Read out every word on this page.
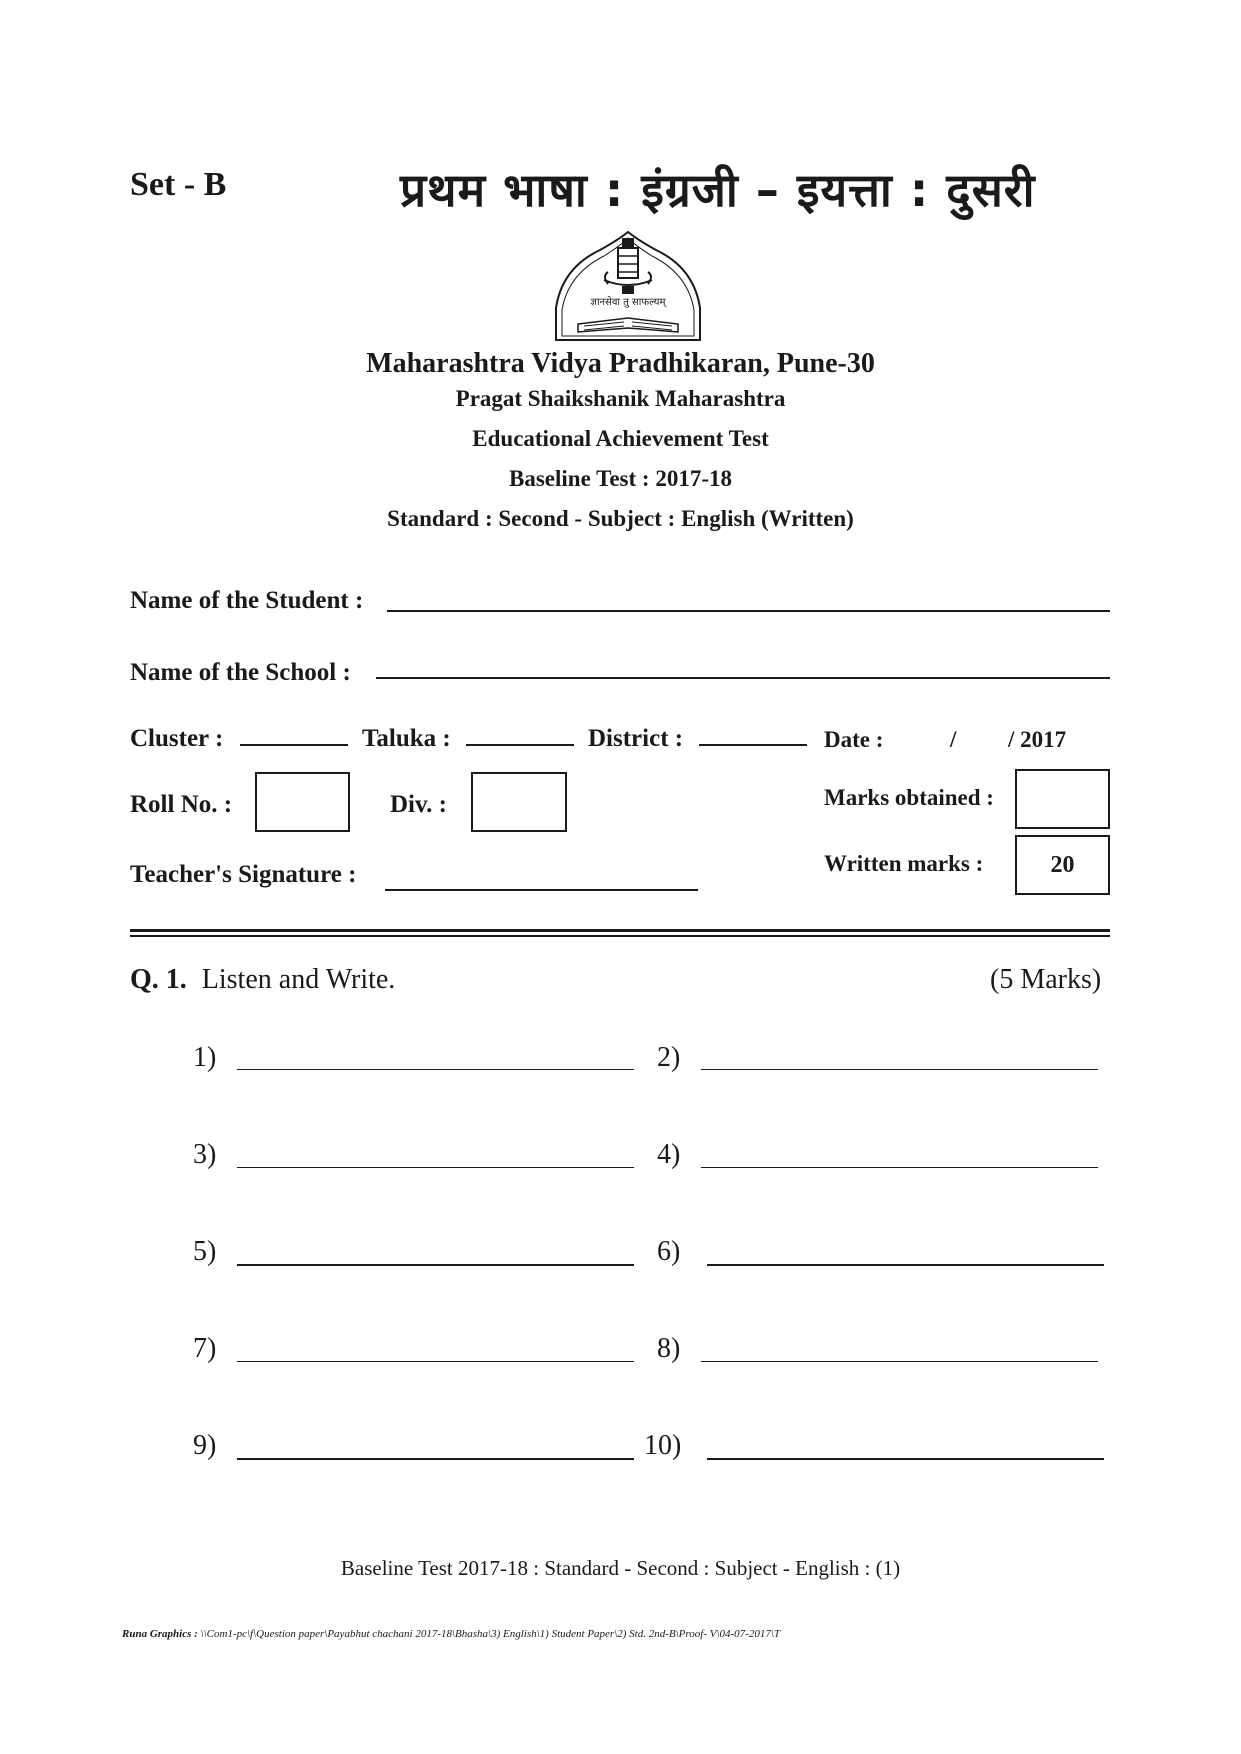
Set - B	प्रथम भाषा : इंग्रजी – इयत्ता : दुसरी
ज्ञानसेवा तु साफल्यम्
Maharashtra Vidya Pradhikaran, Pune-30
Pragat Shaikshanik Maharashtra
Educational Achievement Test
Baseline Test : 2017-18
Standard : Second - Subject : English (Written)
Name of the Student :
Name of the School :
Cluster :	Taluka :	District :	Date :	/ / 2017
Roll No. :	Div. :	Marks obtained :
Teacher's Signature :	Written marks :	20
Q. 1. Listen and Write.	(5 Marks)
1)	2)
3)	4)
5)	6)
7)	8)
9)	10)
Baseline Test 2017-18 : Standard - Second : Subject - English : (1)
Runa Graphics : \\Com1-pc\f\Question paper\Payabhut chachani 2017-18\Bhasha\3) English\1) Student Paper\2) Std. 2nd-B\Proof- V\04-07-2017\T
